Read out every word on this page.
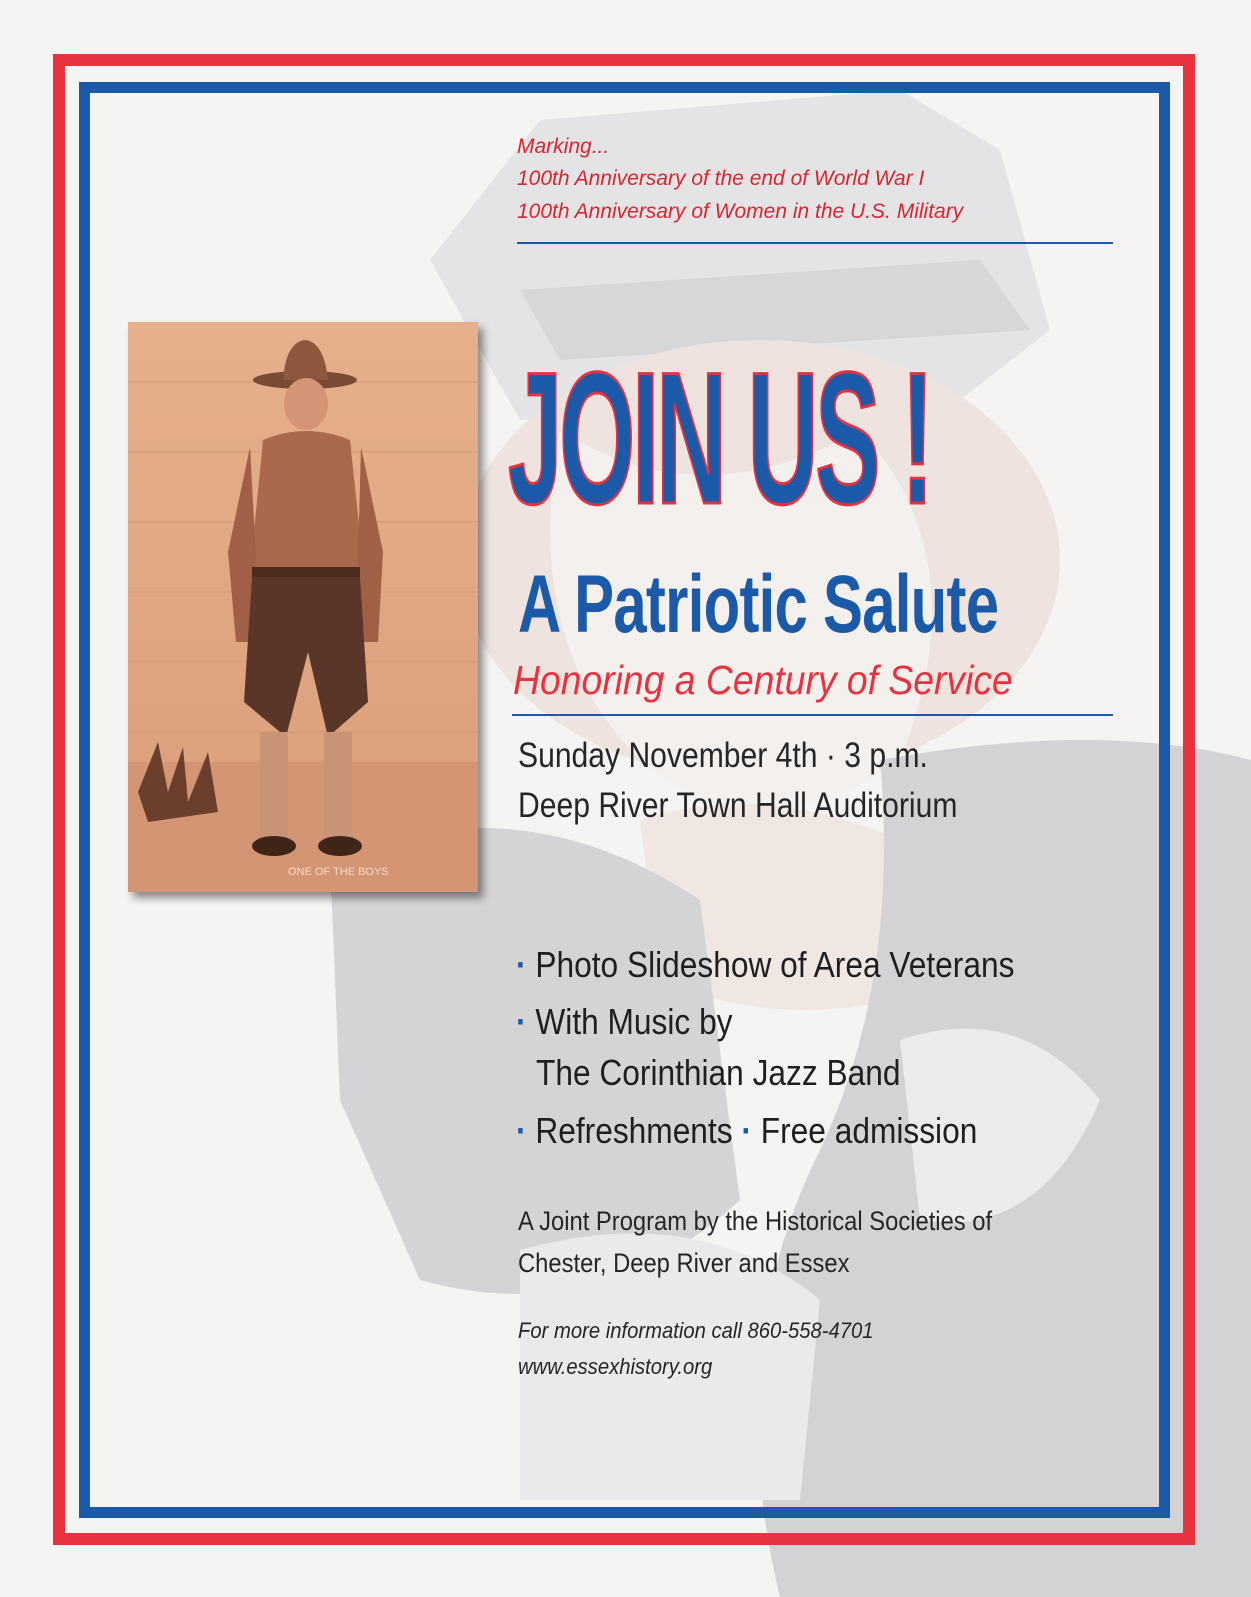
Marking...
100th Anniversary of the end of World War I
100th Anniversary of Women in the U.S. Military
ONE OF THE BOYS
JOIN US !
A Patriotic Salute
Honoring a Century of Service
Sunday November 4th · 3 p.m.
Deep River Town Hall Auditorium
· Photo Slideshow of Area Veterans
· With Music by
The Corinthian Jazz Band
· Refreshments · Free admission
A Joint Program by the Historical Societies of
Chester, Deep River and Essex
For more information call 860-558-4701
www.essexhistory.org
